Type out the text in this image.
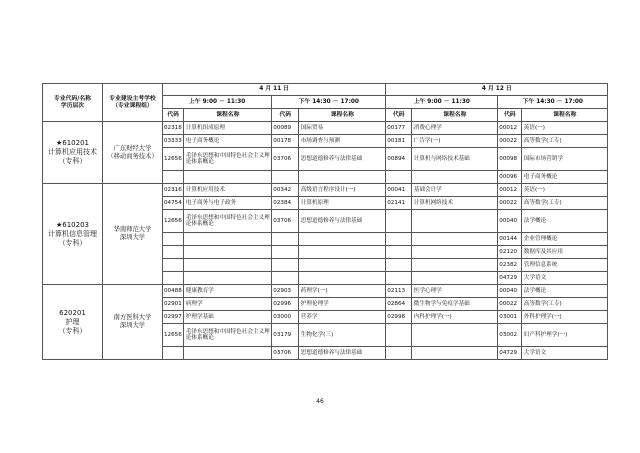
专业代码/名称
学历层次	专业建设主考学校
（专业课程组）	4 月 11 日				4 月 12 日			
		上午 9:00 － 11:30		下午 14:30 － 17:00		上午 9:00 － 11:30		下午 14:30 － 17:00	
		代码	课程名称	代码	课程名称	代码	课程名称	代码	课程名称
★610201
计算机应用技术
（专科）	广东财经大学
（移动商务技术）	02318	计算机组成原理	00089	国际贸易	00177	消费心理学	00012	英语(一)
		03333	电子商务概论	00178	市场调查与预测	00181	广告学(一)	00022	高等数学(工专)
		12656	毛泽东思想和中国特色社会主义理论体系概论	03706	思想道德修养与法律基础	00894	计算机与网络技术基础	00098	国际市场营销学
								00096	电子商务概论
★610203
计算机信息管理
（专科）	华南师范大学
深圳大学	02316	计算机应用技术	00342	高级语言程序设计(一)	00041	基础会计学	00012	英语(一)
		04754	电子商务与电子政务	02384	计算机原理	02141	计算机网络技术	00022	高等数学(工专)
		12656	毛泽东思想和中国特色社会主义理论体系概论	03706	思想道德修养与法律基础			00040	法学概论
								00144	企业管理概论
								02120	数据库及其应用
								02382	管理信息系统
								04729	大学语文
620201
护理
（专科）	南方医科大学
深圳大学	00488	健康教育学	02903	药理学(一)	02113	医学心理学	00040	法学概论
		02901	病理学	02996	护理伦理学	02864	微生物学与免疫学基础	00022	高等数学(工专)
		02997	护理学基础	03000	营养学	02998	内科护理学(一)	03001	外科护理学(一)
		12656	毛泽东思想和中国特色社会主义理论体系概论	03179	生物化学(三)			03002	妇产科护理学(一)
				03706	思想道德修养与法律基础			04729	大学语文
46
